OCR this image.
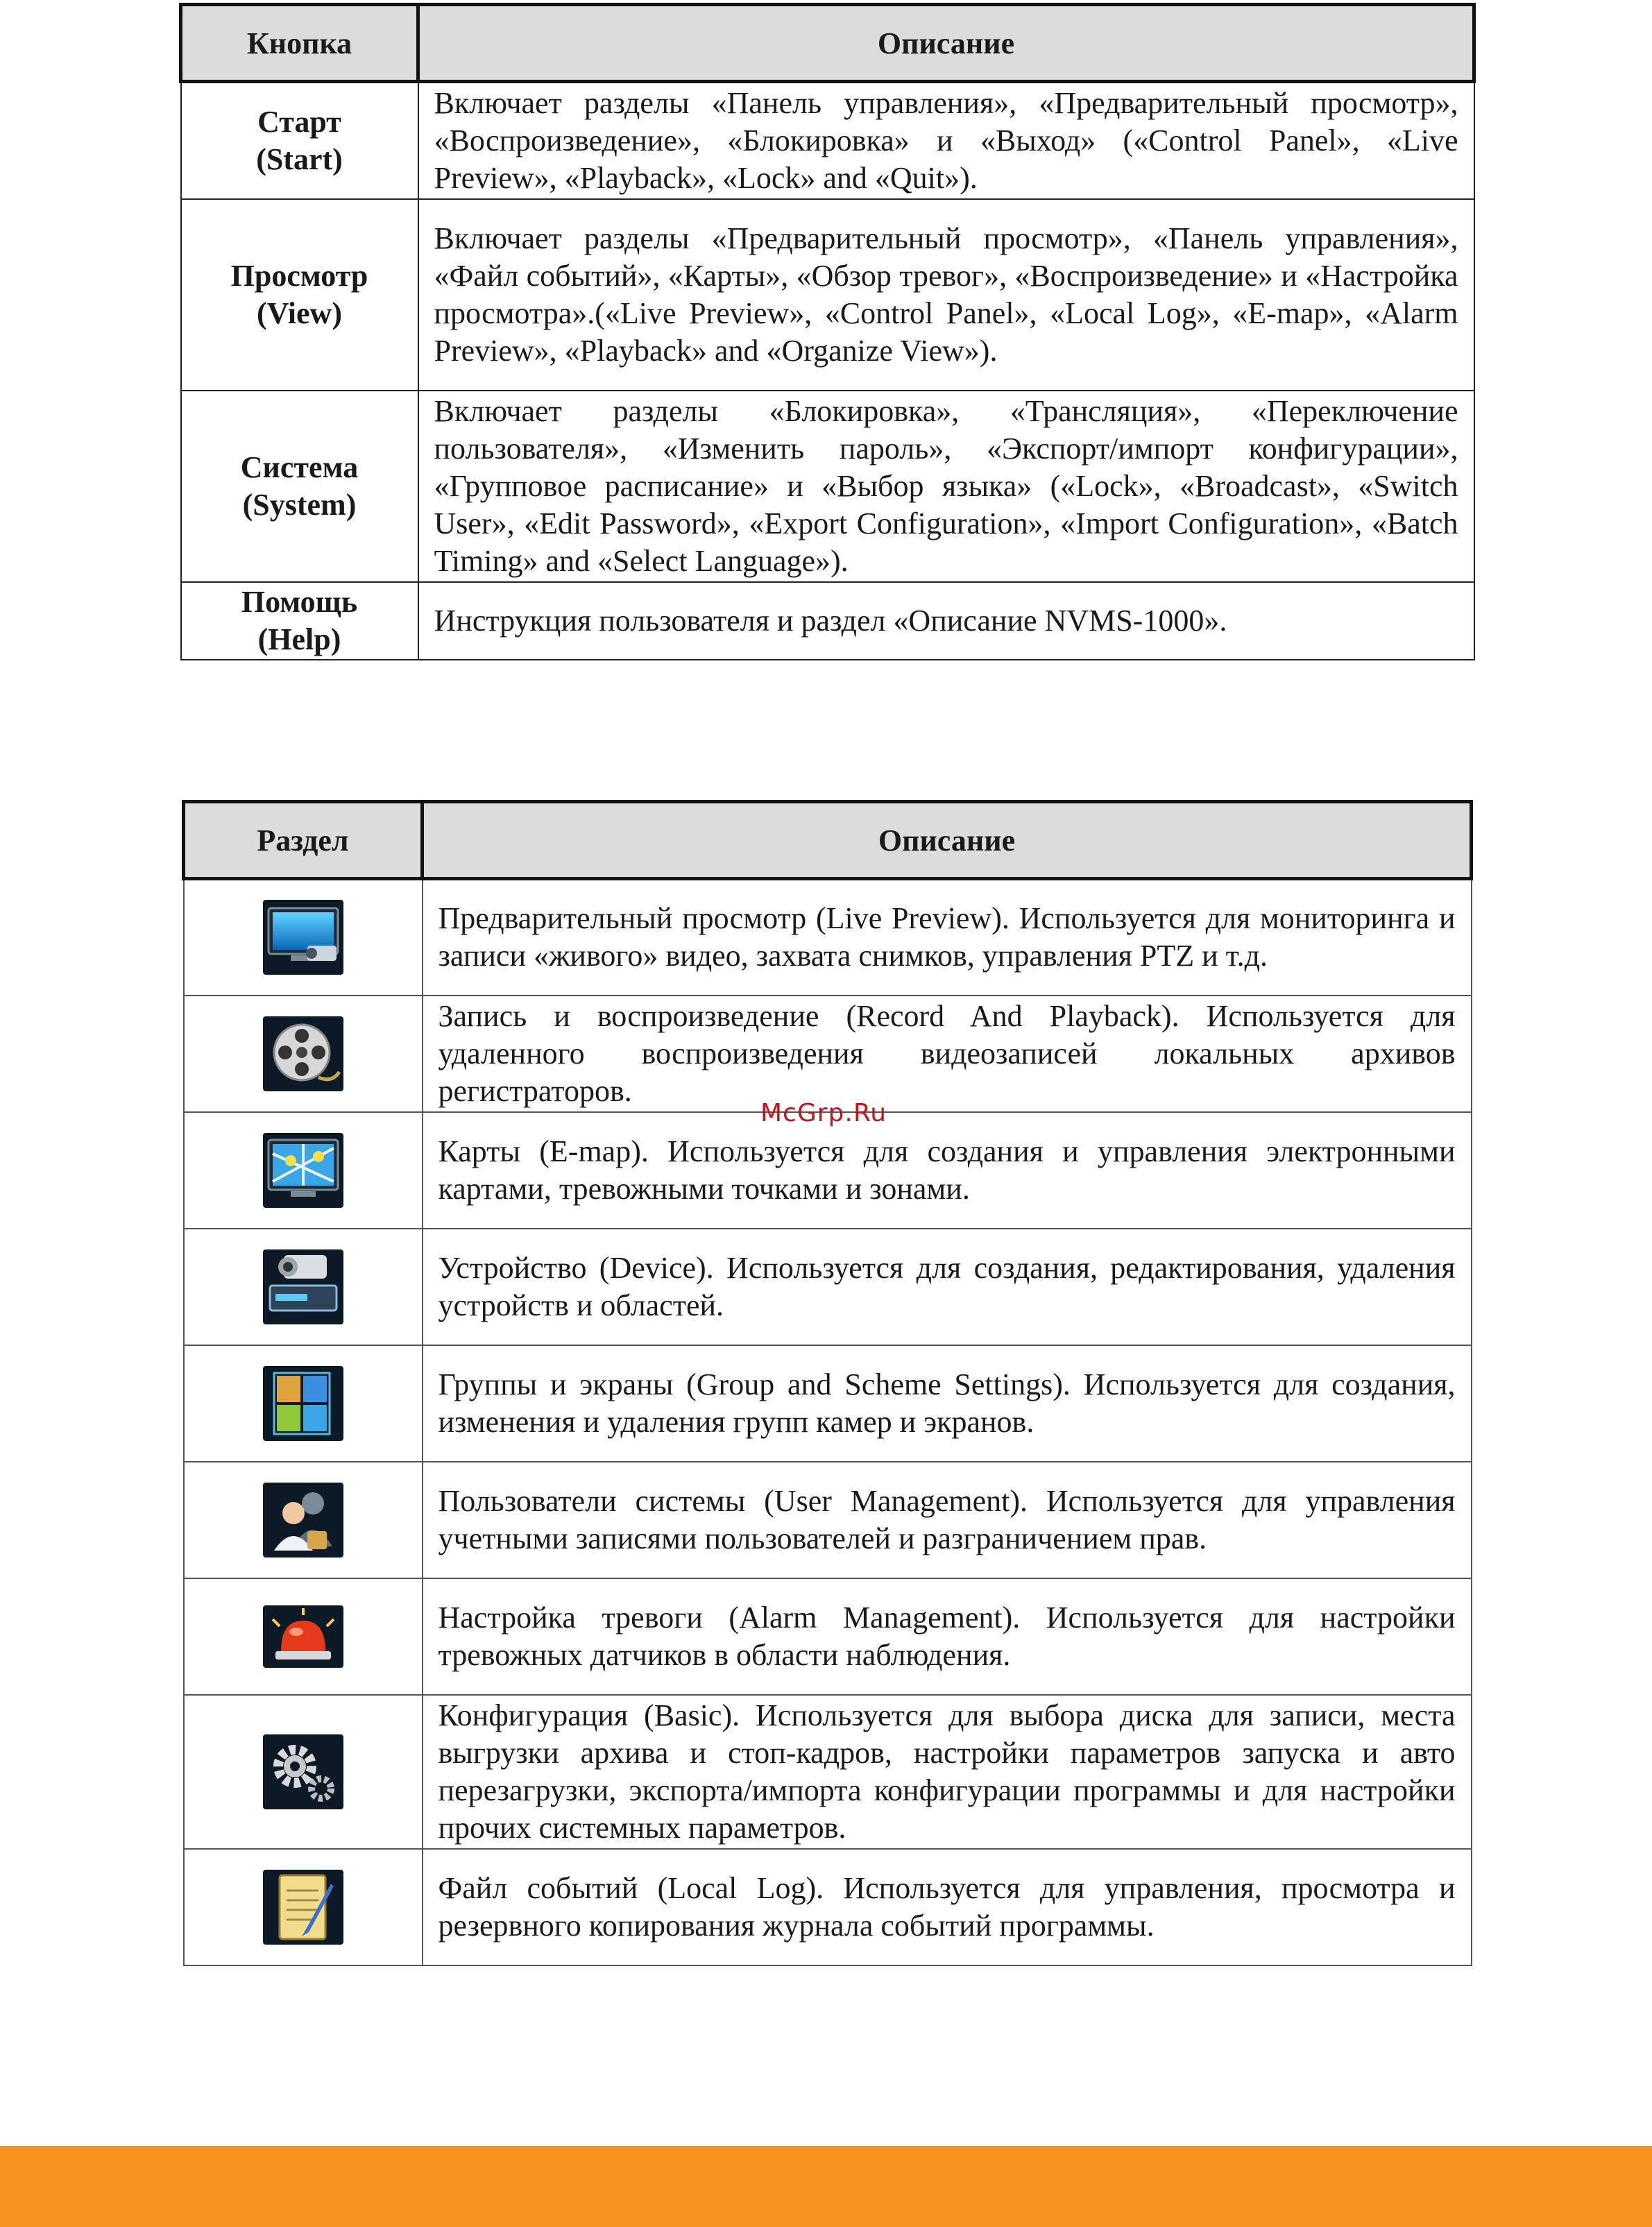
Кнопка	Описание

Старт
(Start)	Включает разделы «Панель управления», «Предварительный просмотр», «Воспроизведение», «Блокировка» и «Выход» («Control Panel», «Live Preview», «Playback», «Lock» and «Quit»).

Просмотр
(View)	Включает разделы «Предварительный просмотр», «Панель управления», «Файл событий», «Карты», «Обзор тревог», «Воспроизведение» и «Настройка просмотра».(«Live Preview», «Control Panel», «Local Log», «E-map», «Alarm Preview», «Playback» and «Organize View»).

Система
(System)	Включает разделы «Блокировка», «Трансляция», «Переключение пользователя», «Изменить пароль», «Экспорт/импорт конфигурации», «Групповое расписание» и «Выбор языка» («Lock», «Broadcast», «Switch User», «Edit Password», «Export Configuration», «Import Configuration», «Batch Timing» and «Select Language»).

Помощь
(Help)	Инструкция пользователя и раздел «Описание NVMS-1000».
Раздел	Описание

	Предварительный просмотр (Live Preview). Используется для мониторинга и записи «живого» видео, захвата снимков, управления PTZ и т.д.

	Запись и воспроизведение (Record And Playback). Используется для удаленного воспроизведения видеозаписей локальных архивов регистраторов.

	Карты (E-map). Используется для создания и управления электронными картами, тревожными точками и зонами.

	Устройство (Device). Используется для создания, редактирования, удаления устройств и областей.

	Группы и экраны (Group and Scheme Settings). Используется для создания, изменения и удаления групп камер и экранов.

	Пользователи системы (User Management). Используется для управления учетными записями пользователей и разграничением прав.

	Настройка тревоги (Alarm Management). Используется для настройки тревожных датчиков в области наблюдения.

	Конфигурация (Basic). Используется для выбора диска для записи, места выгрузки архива и стоп-кадров, настройки параметров запуска и авто перезагрузки, экспорта/импорта конфигурации программы и для настройки прочих системных параметров.

	Файл событий (Local Log). Используется для управления, просмотра и резервного копирования журнала событий программы.
McGrp.Ru
